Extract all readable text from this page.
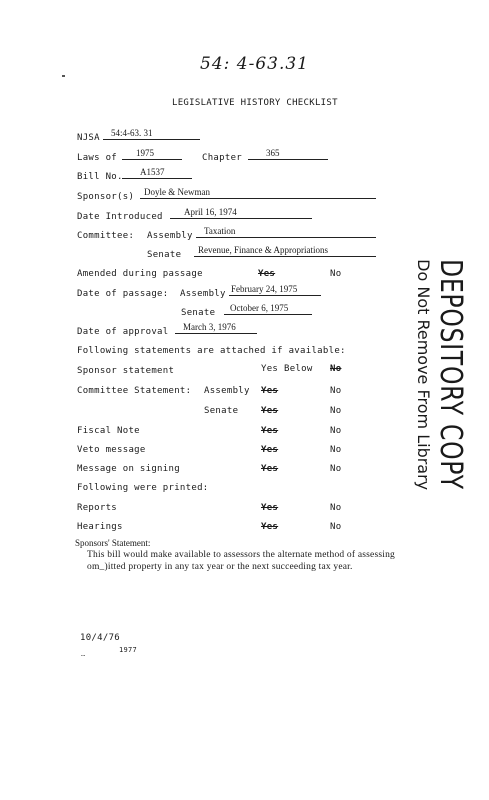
54: 4-63.31
LEGISLATIVE HISTORY CHECKLIST
NJSA 54:4-63. 31
Laws of 1975	Chapter	365
Bill No. A1537
Sponsor(s) Doyle & Newman
Date Introduced April 16, 1974
Committee: Assembly Taxation
Senate Revenue, Finance & Appropriations
Amended during passage	Yes	No
Date of passage: Assembly February 24, 1975
Senate October 6, 1975
Date of approval March 3, 1976
Following statements are attached if available:
Sponsor statement	Yes Below No
Committee Statement: Assembly Yes	No
Senate	Yes	No
Fiscal Note	Yes	No
Veto message	Yes	No
Message on signing	Yes	No
Following were printed:
Reports	Yes	No
Hearings	Yes	No
Sponsors' Statement:
This bill would make available to assessors the alternate method of assessing
om_)itted property in any tax year or the next succeeding tax year.
10/4/76
…	1977
DEPOSITORY COPY
Do Not Remove From Library
